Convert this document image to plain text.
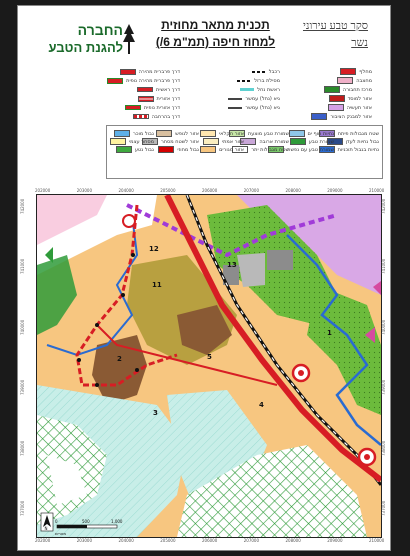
החברה
להגנת הטבע
תכנית מתאר מחוזית
למחוז חיפה (תמ"מ 6/)
סקר טבע עירוני
נשר
מחלף
מחצבה
מרכז תחבורה
אזור למוסד
אזור תעשיה
אזור למבנק הציבור
רכבל
מסילת ברזל
ראשת נחל
גיא (נחל) עמשר
גיא (נחל) עמשר
דרך פרברית מהירה
דרך פרברית מהירה נופית
דרך ראשית
דרך אזורית
דרך אזורית נופית
דרך בהרחבה
שטח מגבולות פיתח
גבול נחיות לעדן
נחיות בגבול תוכניות
נחיות חוף ים
שמורת טבע
שמורת טבע עם נפשה
שמורת טבע מוצעת
שמורת ארובה
שטח מגבולות יתר
אזור חקלאי
אזור אמתי
אזור מגורים
אזור לנופש
אזור לשטח מסחר
גבול מחוזי
גבול מוכר
מסחר עצמי
גבול נטע
11
12
13
2
3
4
1
5
0	500	1,000
מטרים
N
202000	203000	204000	205000	206000	207000	208000	209000	210000
202000	203000	204000	205000	206000	207000	208000	209000	210000
742000
741000
740000
739000
738000
737000
742000
741000
740000
739000
738000
737000
